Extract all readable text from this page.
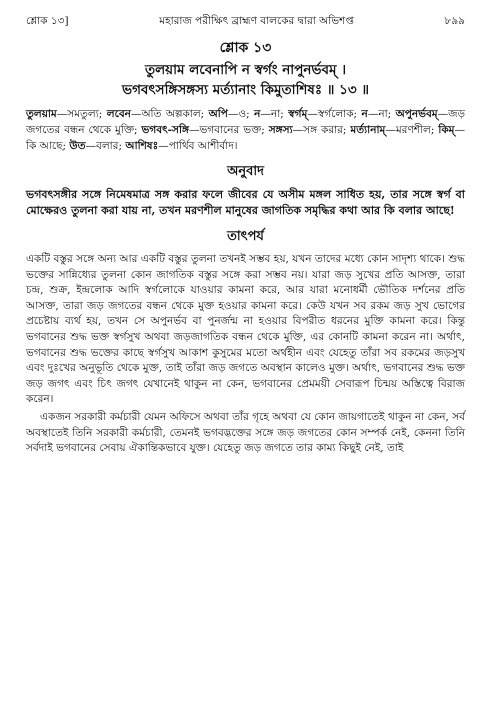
শ্লোক ১৩]	মহারাজ পরীক্ষিৎ ব্রাহ্মণ বালকের দ্বারা অভিশপ্ত	৮৯৯
শ্লোক ১৩
তুলয়াম লবেনাপি ন স্বর্গং নাপুনর্ভবম্ ।
ভগবৎসঙ্গিসঙ্গস্য মর্ত্যানাং কিমুতাশিষঃ ॥ ১৩ ॥
তুলয়াম—সমতুল্য; লবেন—অতি অল্পকাল; অপি—ও; ন—না; স্বর্গম্—স্বর্গলোক; ন—না; অপুনর্ভবম্—জড় জগতের বন্ধন থেকে মুক্তি; ভগবৎ-সঙ্গি—ভগবানের ভক্ত; সঙ্গস্য—সঙ্গ করার; মর্ত্যানাম্—মরণশীল; কিম্—কি আছে; উত—বলার; আশিষঃ—পার্থিব আশীর্বাদ।
অনুবাদ
ভগবৎসঙ্গীর সঙ্গে নিমেষমাত্র সঙ্গ করার ফলে জীবের যে অসীম মঙ্গল সাধিত হয়, তার সঙ্গে স্বর্গ বা মোক্ষেরও তুলনা করা যায় না, তখন মরণশীল মানুষের জাগতিক সমৃদ্ধির কথা আর কি বলার আছে!
তাৎপর্য

একটি বস্তুর সঙ্গে অন্য আর একটি বস্তুর তুলনা তখনই সম্ভব হয়, যখন তাদের মধ্যে কোন সাদৃশ্য থাকে। শুদ্ধ ভক্তের সান্নিধ্যের তুলনা কোন জাগতিক বস্তুর সঙ্গে করা সম্ভব নয়। যারা জড় সুখের প্রতি আসক্ত, তারা চন্দ্র, শুক্র, ইন্দ্রলোক আদি স্বর্গলোকে যাওয়ার কামনা করে, আর যারা মনোধর্মী ভৌতিক দর্শনের প্রতি আসক্ত, তারা জড় জগতের বন্ধন থেকে মুক্ত হওয়ার কামনা করে। কেউ যখন সব রকম জড় সুখ ভোগের প্রচেষ্টায় ব্যর্থ হয়, তখন সে অপুনর্ভব বা পুনর্জন্ম না হওয়ার বিপরীত ধরনের মুক্তি কামনা করে। কিন্তু ভগবানের শুদ্ধ ভক্ত স্বর্গসুখ অথবা জড়জাগতিক বন্ধন থেকে মুক্তি, এর কোনটি কামনা করেন না। অর্থাৎ, ভগবানের শুদ্ধ ভক্তের কাছে স্বর্গসুখ আকাশ কুসুমের মতো অর্থহীন এবং যেহেতু তাঁরা সব রকমের জড়সুখ এবং দুঃখের অনুভূতি থেকে মুক্ত, তাই তাঁরা জড় জগতে অবস্থান কালেও মুক্ত। অর্থাৎ, ভগবানের শুদ্ধ ভক্ত জড় জগৎ এবং চিৎ জগৎ যেখানেই থাকুন না কেন, ভগবানের প্রেমময়ী সেবারূপ চিন্ময় অস্তিত্বে বিরাজ করেন।

একজন সরকারী কর্মচারী যেমন অফিসে অথবা তাঁর গৃহে অথবা যে কোন জায়গাতেই থাকুন না কেন, সর্ব অবস্থাতেই তিনি সরকারী কর্মচারী, তেমনই ভগবদ্ভক্তের সঙ্গে জড় জগতের কোন সম্পর্ক নেই, কেননা তিনি সর্বদাই ভগবানের সেবায় ঐকান্তিকভাবে যুক্ত। যেহেতু জড় জগতে তার কাম্য কিছুই নেই, তাই
